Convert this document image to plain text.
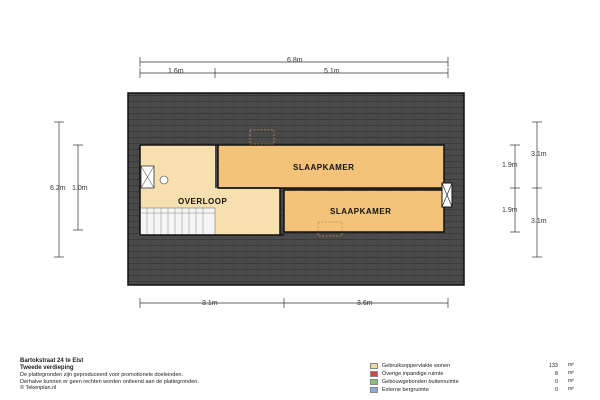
SLAAPKAMER
SLAAPKAMER
OVERLOOP
6.8m
1.6m	5.1m
3.1m	3.6m
6.2m 1.0m
1.9m
1.9m
3.1m
3.1m
Bartokstraat 24 te Elst
Tweede verdieping
De plattegronden zijn geproduceerd voor promotionele doeleinden.
Derhalve kunnen er geen rechten worden ontleend aan de plattegronden.
© Tekenplan.nl
Gebruiksoppervlakte wonen	133 m²
Overige inpandige ruimte	8 m²
Gebouwgebonden buitenruimte	0 m²
Externe bergruimte	0 m²
